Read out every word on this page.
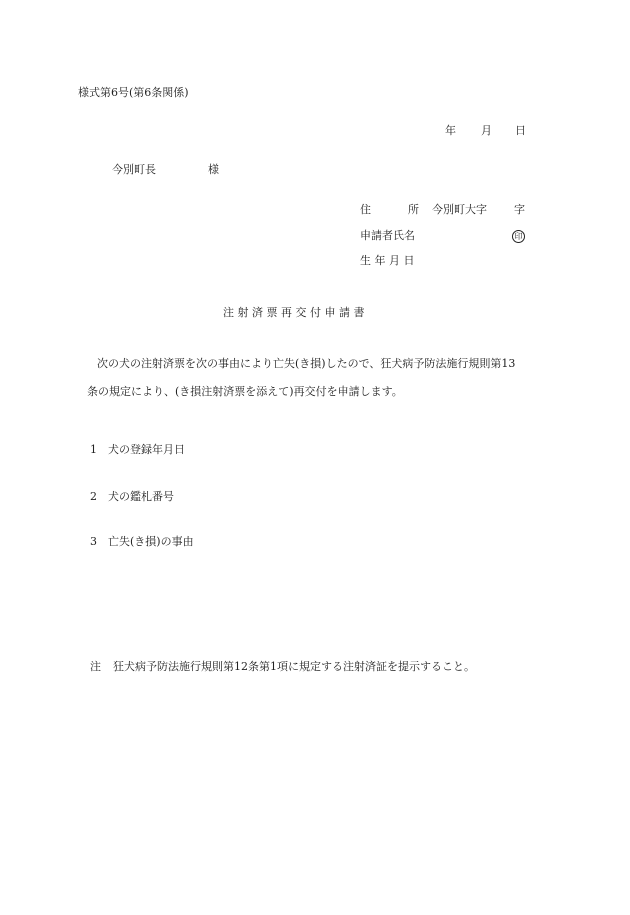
様式第6号(第6条関係)
年 月 日
今別町長	様
住	所 今別町大字 字
申請者氏名	印
生 年 月 日
注 射 済 票 再 交 付 申 請 書
次の犬の注射済票を次の事由により亡失(き損)したので、狂犬病予防法施行規則第13
条の規定により、(き損注射済票を添えて)再交付を申請します。
1 犬の登録年月日
2 犬の鑑札番号
3 亡失(き損)の事由
注 狂犬病予防法施行規則第12条第1項に規定する注射済証を提示すること。
